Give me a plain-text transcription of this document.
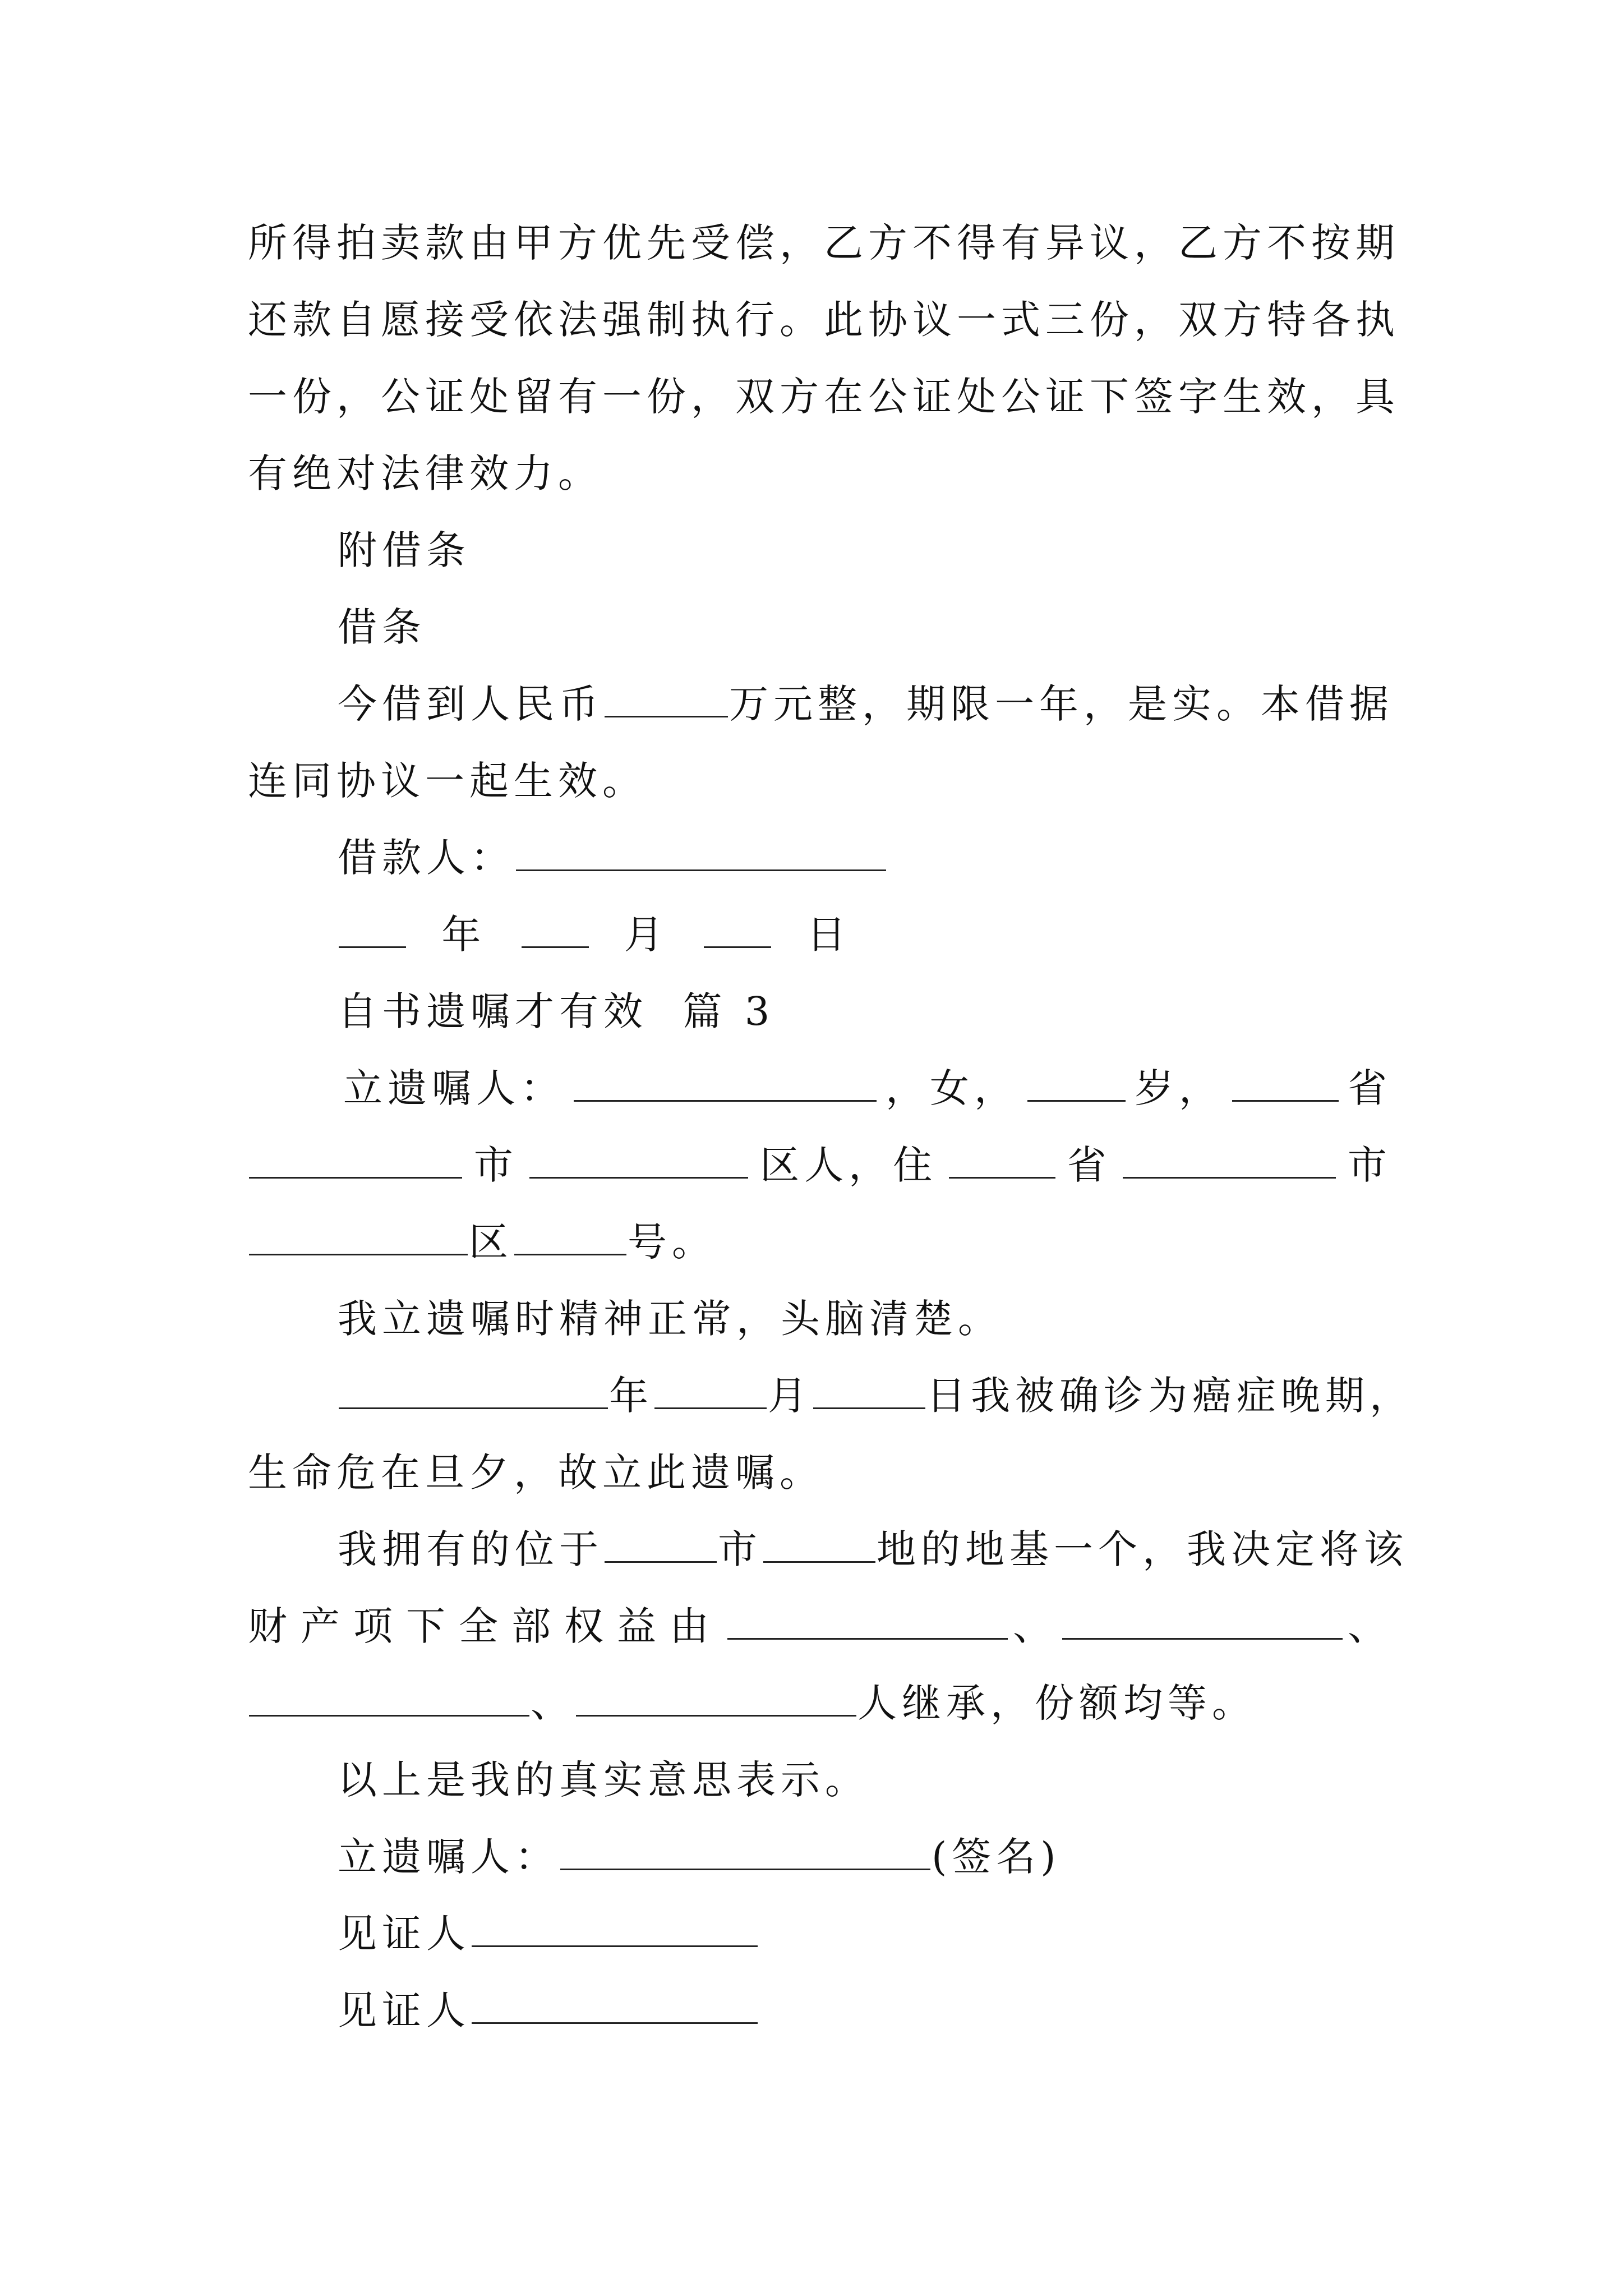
所 得 拍 卖 款 由 甲 方 优 先 受 偿 ， 乙 方 不 得 有 异 议 ， 乙 方 不 按 期
还 款 自 愿 接 受 依 法 强 制 执 行 。 此 协 议 一 式 三 份 ， 双 方 特 各 执
一 份 ， 公 证 处 留 有 一 份 ， 双 方 在 公 证 处 公 证 下 签 字 生 效 ， 具
有绝对法律效力。
附借条
借条
今借到人民币	万元整，期限一年，是实。本借据
连同协议一起生效。
借款人：
年	月	日
自书遗嘱才有效  篇 3
立遗嘱人：	，女，	岁，	省
市	区人，住	省	市
区	号。
我立遗嘱时精神正常，头脑清楚。
年	月	日我被确诊为癌症晚期，
生命危在旦夕，故立此遗嘱。
我拥有的位于	市	地的地基一个，我决定将该
财产项下全部权益由	、	、
、	人继承，份额均等。
以上是我的真实意思表示。
立遗嘱人：	(签名)
见证人
见证人
